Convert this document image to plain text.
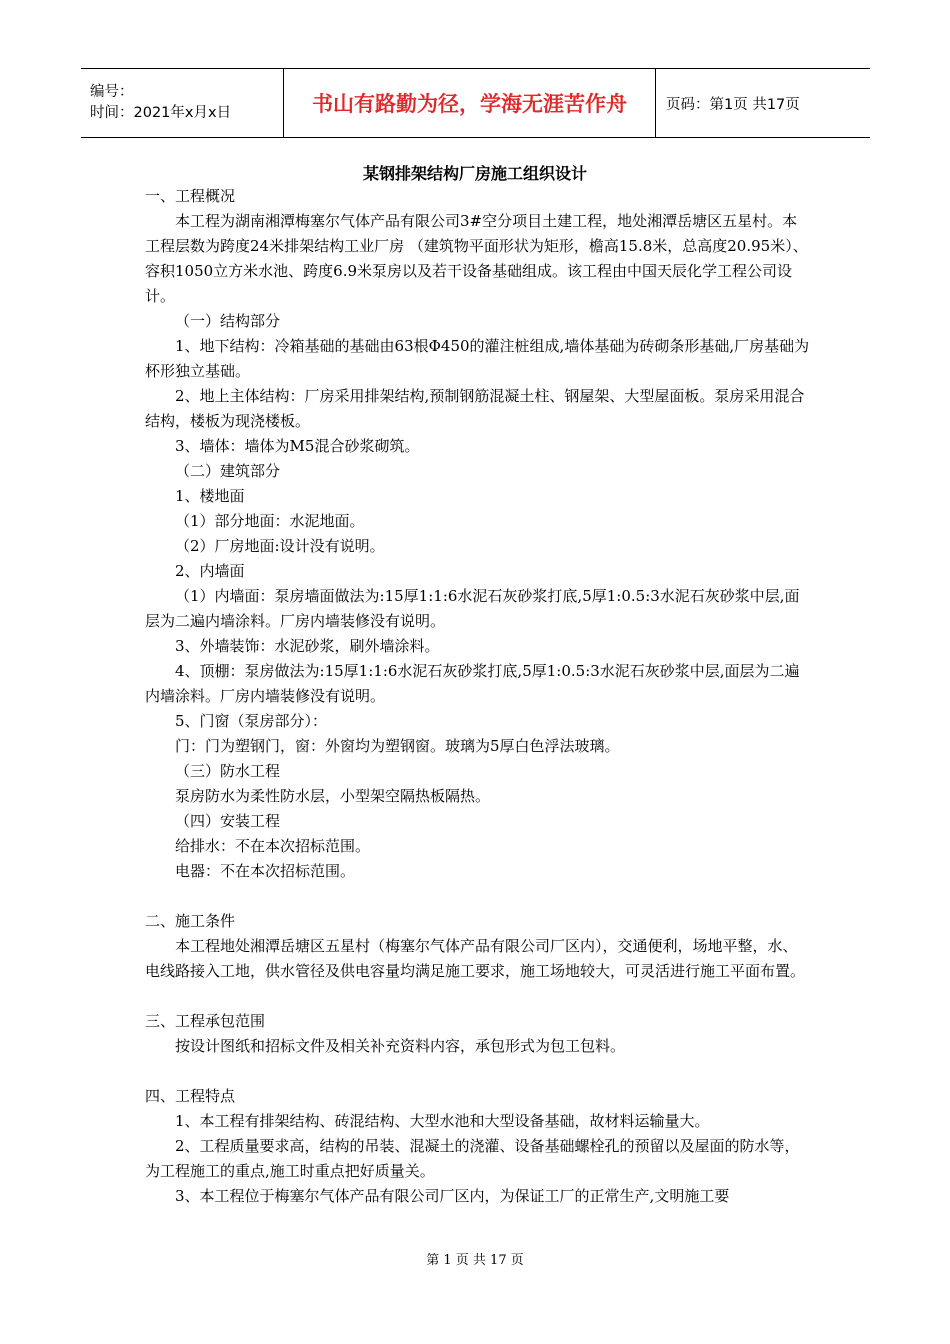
编号：
时间：2021年x月x日	书山有路勤为径，学海无涯苦作舟	页码：第1页 共17页
某钢排架结构厂房施工组织设计

一、工程概况

本工程为湖南湘潭梅塞尔气体产品有限公司3#空分项目土建工程，地处湘潭岳塘区五星村。本工程层数为跨度24米排架结构工业厂房 （建筑物平面形状为矩形，檐高15.8米，总高度20.95米）、容积1050立方米水池、跨度6.9米泵房以及若干设备基础组成。该工程由中国天辰化学工程公司设计。

（一）结构部分

1、地下结构：冷箱基础的基础由63根Φ450的灌注桩组成,墙体基础为砖砌条形基础,厂房基础为杯形独立基础。

2、地上主体结构：厂房采用排架结构,预制钢筋混凝土柱、钢屋架、大型屋面板。泵房采用混合结构，楼板为现浇楼板。

3、墙体：墙体为M5混合砂浆砌筑。

（二）建筑部分

1、楼地面

（1）部分地面：水泥地面。

（2）厂房地面:设计没有说明。

2、内墙面

（1）内墙面：泵房墙面做法为:15厚1:1:6水泥石灰砂浆打底,5厚1:0.5:3水泥石灰砂浆中层,面层为二遍内墙涂料。厂房内墙装修没有说明。

3、外墙装饰：水泥砂浆，刷外墙涂料。

4、顶棚：泵房做法为:15厚1:1:6水泥石灰砂浆打底,5厚1:0.5:3水泥石灰砂浆中层,面层为二遍内墙涂料。厂房内墙装修没有说明。

5、门窗（泵房部分）：

门：门为塑钢门，窗：外窗均为塑钢窗。玻璃为5厚白色浮法玻璃。

（三）防水工程

泵房防水为柔性防水层，小型架空隔热板隔热。

（四）安装工程

给排水：不在本次招标范围。

电器：不在本次招标范围。

二、施工条件

本工程地处湘潭岳塘区五星村（梅塞尔气体产品有限公司厂区内），交通便利，场地平整，水、电线路接入工地，供水管径及供电容量均满足施工要求，施工场地较大，可灵活进行施工平面布置。

三、工程承包范围

按设计图纸和招标文件及相关补充资料内容，承包形式为包工包料。

四、工程特点

1、本工程有排架结构、砖混结构、大型水池和大型设备基础，故材料运输量大。

2、工程质量要求高，结构的吊装、混凝土的浇灌、设备基础螺栓孔的预留以及屋面的防水等，为工程施工的重点,施工时重点把好质量关。

3、本工程位于梅塞尔气体产品有限公司厂区内，为保证工厂的正常生产,文明施工要

第 1 页 共 17 页
